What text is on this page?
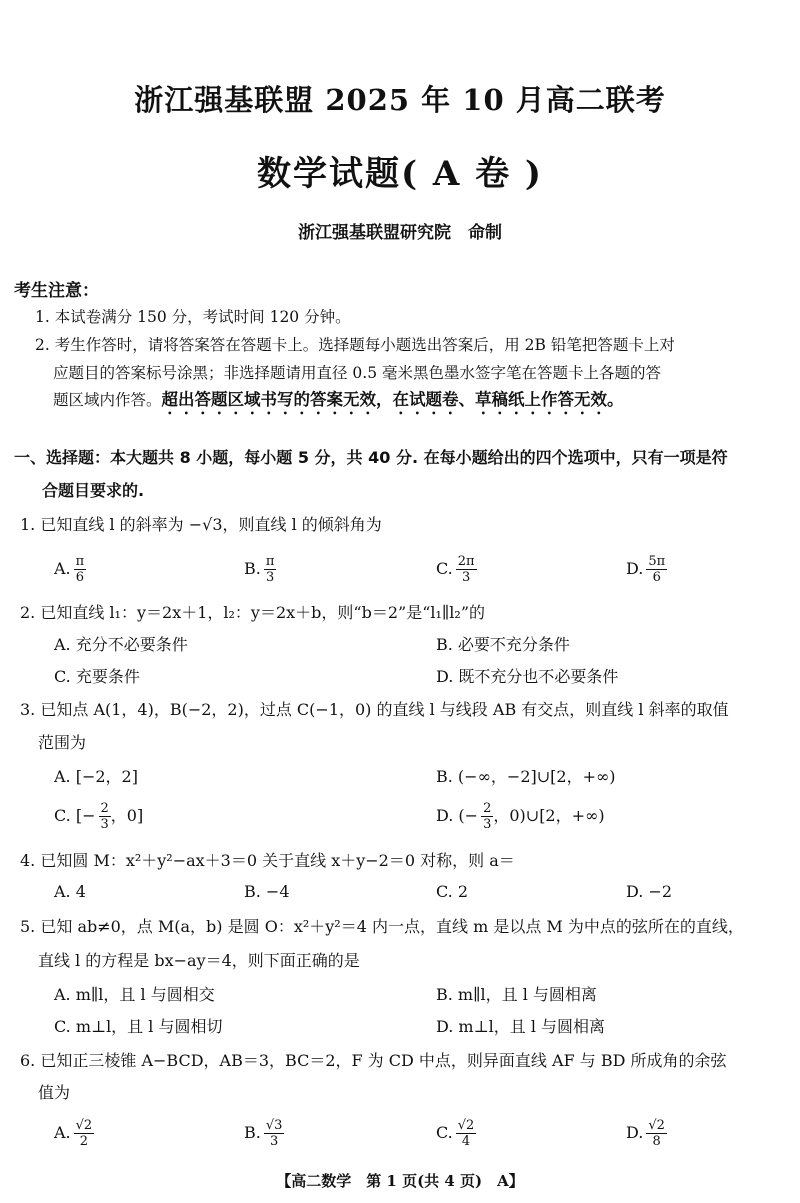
浙江强基联盟 2025 年 10 月高二联考
数学试题( A 卷 )
浙江强基联盟研究院　命制
考生注意：
1. 本试卷满分 150 分，考试时间 120 分钟。
2. 考生作答时，请将答案答在答题卡上。选择题每小题选出答案后，用 2B 铅笔把答题卡上对
应题目的答案标号涂黑；非选择题请用直径 0.5 毫米黑色墨水签字笔在答题卡上各题的答
题区域内作答。超出答题区域书写的答案无效，在试题卷、草稿纸上作答无效。
一、选择题：本大题共 8 小题，每小题 5 分，共 40 分. 在每小题给出的四个选项中，只有一项是符
合题目要求的.
1. 已知直线 l 的斜率为 −√3，则直线 l 的倾斜角为
A. $\frac{\pi}{6}$	B. $\frac{\pi}{3}$	C. $\frac{2\pi}{3}$	D. $\frac{5\pi}{6}$
2. 已知直线 l₁：y＝2x＋1，l₂：y＝2x＋b，则“b＝2”是“l₁∥l₂”的
A. 充分不必要条件	B. 必要不充分条件
C. 充要条件	D. 既不充分也不必要条件
3. 已知点 A(1，4)，B(−2，2)，过点 C(−1，0) 的直线 l 与线段 AB 有交点，则直线 l 斜率的取值
范围为
A. [−2，2]	B. (−∞，−2]∪[2，+∞)
C. [− $\frac{2}{3}$ ，0]	D. (− $\frac{2}{3}$ ，0)∪[2，+∞)
4. 已知圆 M：x²＋y²−ax＋3＝0 关于直线 x＋y−2＝0 对称，则 a＝
A. 4	B. −4	C. 2	D. −2
5. 已知 ab≠0，点 M(a，b) 是圆 O：x²＋y²＝4 内一点，直线 m 是以点 M 为中点的弦所在的直线，
直线 l 的方程是 bx−ay＝4，则下面正确的是
A. m∥l，且 l 与圆相交	B. m∥l，且 l 与圆相离
C. m⊥l，且 l 与圆相切	D. m⊥l，且 l 与圆相离
6. 已知正三棱锥 A−BCD，AB＝3，BC＝2，F 为 CD 中点，则异面直线 AF 与 BD 所成角的余弦
值为
A. $\frac{√2}{2}$	B. $\frac{√3}{3}$	C. $\frac{√2}{4}$	D. $\frac{√2}{8}$
【高二数学　第 1 页(共 4 页)　A】
